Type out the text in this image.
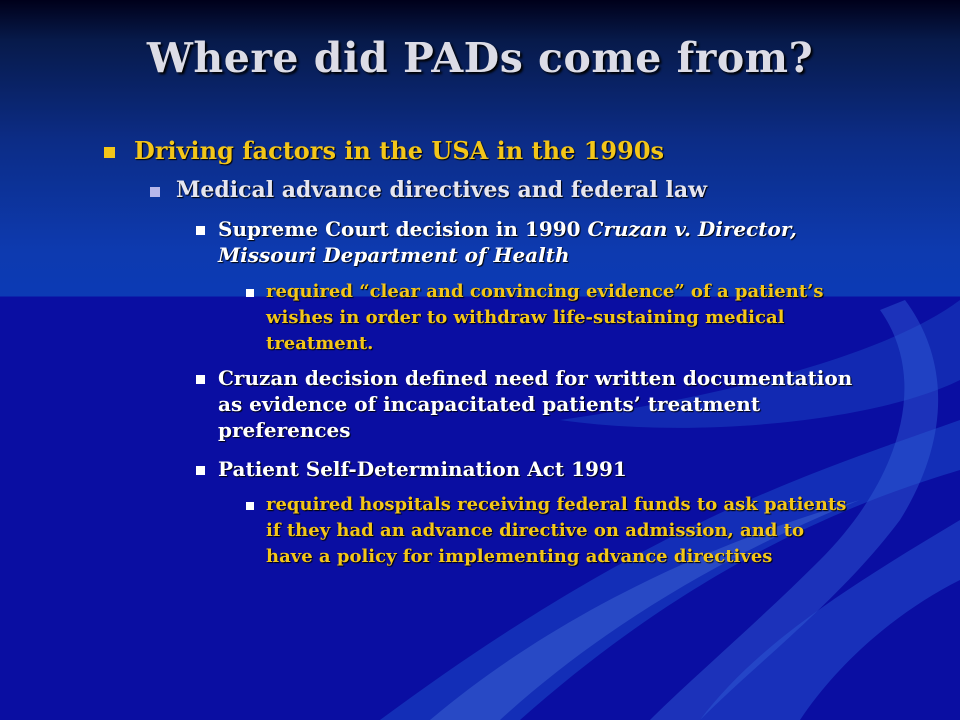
Where did PADs come from?
Driving factors in the USA in the 1990s
Medical advance directives and federal law
Supreme Court decision in 1990 Cruzan v. Director, Missouri Department of Health
required “clear and convincing evidence” of a patient’s wishes in order to withdraw life-sustaining medical treatment.
Cruzan decision defined need for written documentation as evidence of incapacitated patients’ treatment preferences
Patient Self-Determination Act 1991
required hospitals receiving federal funds to ask patients if they had an advance directive on admission, and to have a policy for implementing advance directives
